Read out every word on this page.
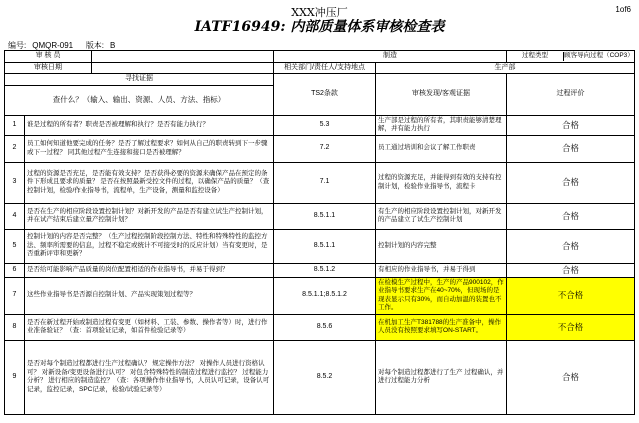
XXX冲压厂	1of6
IATF16949: 内部质量体系审核检查表
编号: QMQR-091 版本: B
审 核 员			制造		过程类型 顾客导向过程（COP3）

审核日期			相关部门/责任人/支持地点	生产部	
寻找证据			TS2条款	审核发现/客观证据	过程评价
查什么？（输入、输出、资源、人员、方法、指标）					
1	谁是过程的所有者？职责是否被理解和执行？是否有能力执行？		5.3	生产部是过程的所有者，其职责能够清楚理解，并有能力执行	合格
2	员工如何知道他要完成的任务？是否了解过程要求？如何从自己的职责转到下一步骤或下一过程？ 同其他过程产生连接和接口是否被理解？		7.2	员工通过培训和会议了解工作职责	合格
3	过程的资源是否充足，是否能有效支持？是否获得必要的资源来确保产品在预定的条件下形成且要求的质量？ 是否在按照最新受控文件的过程，以确保产品的质量？（查控制计划，检验/作业指导书，流程单，生产设备，测量和监控设备）		7.1	过程的资源充足，并能得到有效的支持有控制计划，检验作业指导书，流程卡	合格
4	是否在生产的相应阶段设置控制计划？对新开发的产品是否有建立试生产控制计划，并在试产结束后建立量产控制计划？		8.5.1.1	有生产的相应阶段设置控制计划，对新开发的产品建立了试生产控制计划	合格
5	控制计划的内容是否完整？（生产过程控制阶段控制方法、特性和特殊特性的监控方法、频率所需要的信息，过程不稳定或统计不可接受时的反应计划）当有变更时，是否重新评审和更新？		8.5.1.1	控制计划的内容完整	合格
6	是否给可能影响产品质量的岗位配置相适的作业指导书，并易于得到？		8.5.1.2	有相应的作业指导书，并易于得到	合格
7	这些作业指导书是否源自控制计划、产品实现策划过程等？		8.5.1.1;8.5.1.2	在检模生产过程中，生产的产品900102，作业指导书要求生产在40~70%，但现场的是现表显示只有30%，而自动加温的装置也不工作。	不合格
8	是否在新过程开始或制造过程有变更（如材料、工装、参数、操作者等）时，进行作业准备验证？（查：首项验证记录，如首件检验记录等）		8.5.6	在机加工生产T381788的生产准备中，操作人员没有按照要求填写ON-START。	不合格
9	是否对每个制造过程都进行生产过程确认？ 规定操作方法？ 对操作人员进行资格认可？ 对新设备/变更设备进行认可？ 对包含特殊特性的制造过程进行监控？ 过程能力分析？ 进行相应的制造监控？（查：各项操作作业指导书，人员认可记录，设备认可记录，监控记录，SPC记录，检验/试验记录等）		8.5.2	对每个制造过程都进行了生产 过程确认，并进行过程能力分析	合格
